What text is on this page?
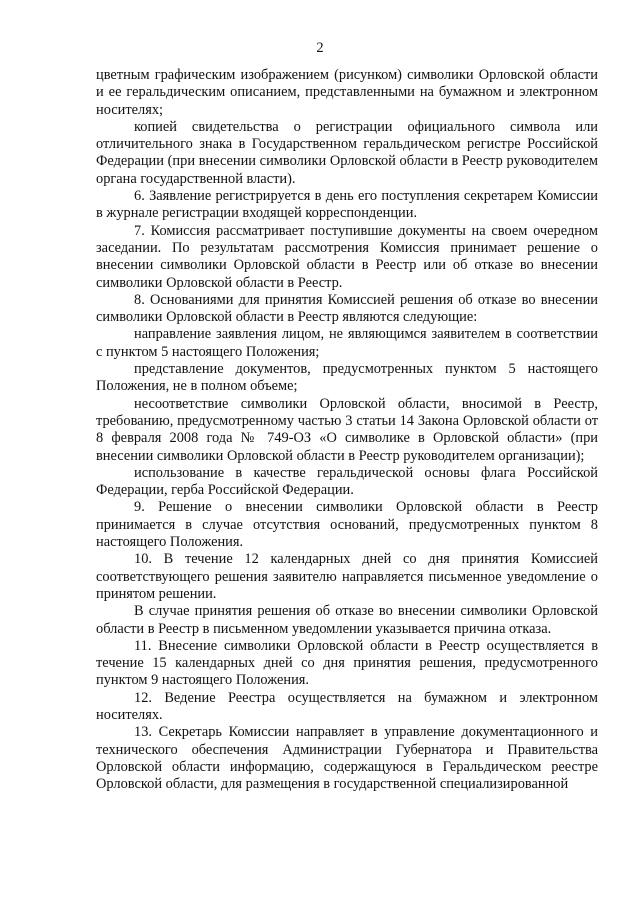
2

цветным графическим изображением (рисунком) символики Орловской области и ее геральдическим описанием, представленными на бумажном и электронном носителях;

копией свидетельства о регистрации официального символа или отличительного знака в Государственном геральдическом регистре Российской Федерации (при внесении символики Орловской области в Реестр руководителем органа государственной власти).

6. Заявление регистрируется в день его поступления секретарем Комиссии в журнале регистрации входящей корреспонденции.

7. Комиссия рассматривает поступившие документы на своем очередном заседании. По результатам рассмотрения Комиссия принимает решение о внесении символики Орловской области в Реестр или об отказе во внесении символики Орловской области в Реестр.

8. Основаниями для принятия Комиссией решения об отказе во внесении символики Орловской области в Реестр являются следующие:

направление заявления лицом, не являющимся заявителем в соответствии с пунктом 5 настоящего Положения;

представление документов, предусмотренных пунктом 5 настоящего Положения, не в полном объеме;

несоответствие символики Орловской области, вносимой в Реестр, требованию, предусмотренному частью 3 статьи 14 Закона Орловской области от 8 февраля 2008 года № 749-ОЗ «О символике в Орловской области» (при внесении символики Орловской области в Реестр руководителем организации);

использование в качестве геральдической основы флага Российской Федерации, герба Российской Федерации.

9. Решение о внесении символики Орловской области в Реестр принимается в случае отсутствия оснований, предусмотренных пунктом 8 настоящего Положения.

10. В течение 12 календарных дней со дня принятия Комиссией соответствующего решения заявителю направляется письменное уведомление о принятом решении.

В случае принятия решения об отказе во внесении символики Орловской области в Реестр в письменном уведомлении указывается причина отказа.

11. Внесение символики Орловской области в Реестр осуществляется в течение 15 календарных дней со дня принятия решения, предусмотренного пунктом 9 настоящего Положения.

12. Ведение Реестра осуществляется на бумажном и электронном носителях.

13. Секретарь Комиссии направляет в управление документационного и технического обеспечения Администрации Губернатора и Правительства Орловской области информацию, содержащуюся в Геральдическом реестре Орловской области, для размещения в государственной специализированной
